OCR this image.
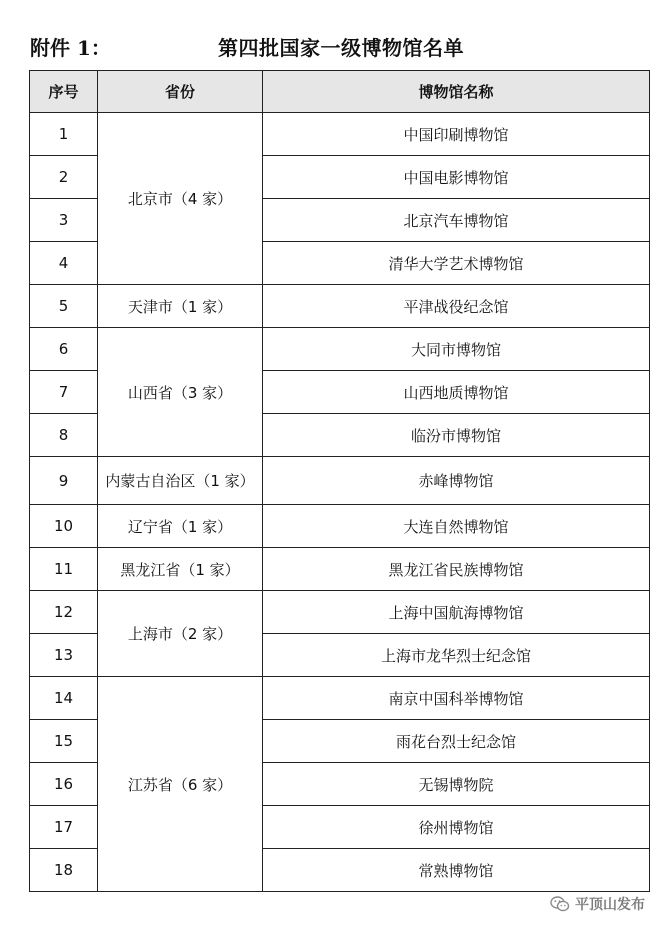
附件 1：	第四批国家一级博物馆名单
序号	省份	博物馆名称
1	北京市（4 家）	中国印刷博物馆
2		中国电影博物馆
3		北京汽车博物馆
4		清华大学艺术博物馆
5	天津市（1 家）	平津战役纪念馆
6	山西省（3 家）	大同市博物馆
7		山西地质博物馆
8		临汾市博物馆
9	内蒙古自治区（1 家）	赤峰博物馆
10	辽宁省（1 家）	大连自然博物馆
11	黑龙江省（1 家）	黑龙江省民族博物馆
12	上海市（2 家）	上海中国航海博物馆
13		上海市龙华烈士纪念馆
14	江苏省（6 家）	南京中国科举博物馆
15		雨花台烈士纪念馆
16		无锡博物院
17		徐州博物馆
18		常熟博物馆
平顶山发布
